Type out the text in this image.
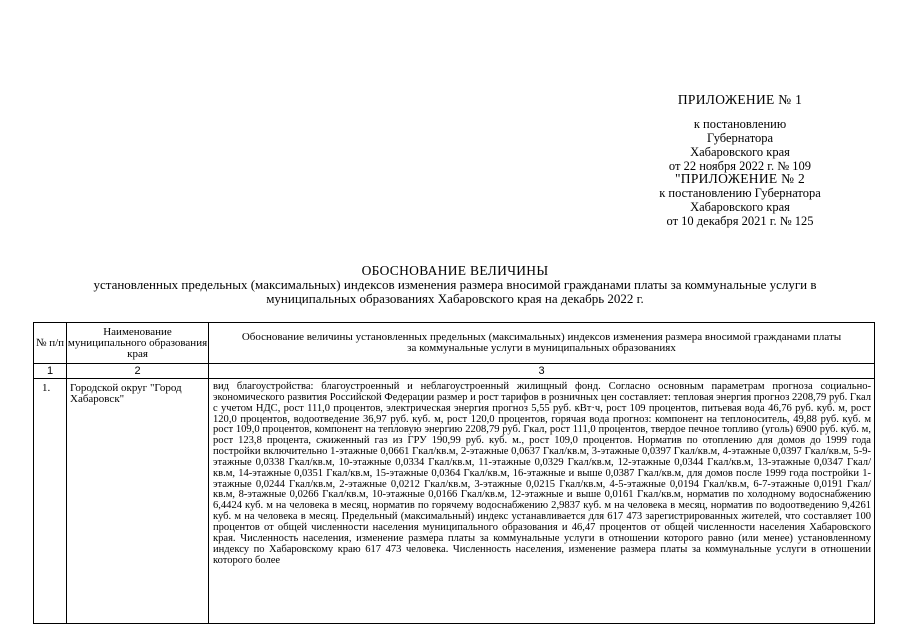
ПРИЛОЖЕНИЕ № 1
к постановлению
Губернатора
Хабаровского края
от 22 ноября 2022 г. № 109
"ПРИЛОЖЕНИЕ № 2
к постановлению Губернатора
Хабаровского края
от 10 декабря 2021 г. № 125
ОБОСНОВАНИЕ ВЕЛИЧИНЫ
установленных предельных (максимальных) индексов изменения размера вносимой гражданами платы за коммунальные услуги в
муниципальных образованиях Хабаровского края на декабрь 2022 г.
№ п/п	Наименование муниципального образования края	Обоснование величины установленных предельных (максимальных) индексов изменения размера вносимой гражданами платы за коммунальные услуги в муниципальных образованиях
1	2	3
1.	Городской округ "Город Хабаровск"	вид благоустройства: благоустроенный и неблагоустроенный жилищный фонд. Согласно основным параметрам прогноза социально-экономического развития Российской Федерации размер и рост тарифов в розничных цен составляет: тепловая энергия прогноз 2208,79 руб. Гкал с учетом НДС, рост 111,0 процентов, электрическая энергия прогноз 5,55 руб. кВт·ч, рост 109 процентов, питьевая вода 46,76 руб. куб. м, рост 120,0 процентов, водоотведение 36,97 руб. куб. м, рост 120,0 процентов, горячая вода прогноз: компонент на теплоноситель, 49,88 руб. куб. м рост 109,0 процентов, компонент на тепловую энергию 2208,79 руб. Гкал, рост 111,0 процентов, твердое печное топливо (уголь) 6900 руб. куб. м, рост 123,8 процента, сжиженный газ из ГРУ 190,99 руб. куб. м., рост 109,0 процентов. Норматив по отоплению для домов до 1999 года постройки включительно 1-этажные 0,0661 Гкал/кв.м, 2-этажные 0,0637 Гкал/кв.м, 3-этажные 0,0397 Гкал/кв.м, 4-этажные 0,0397 Гкал/кв.м, 5-9-этажные 0,0338 Гкал/кв.м, 10-этажные 0,0334 Гкал/кв.м, 11-этажные 0,0329 Гкал/кв.м, 12-этажные 0,0344 Гкал/кв.м, 13-этажные 0,0347 Гкал/кв.м, 14-этажные 0,0351 Гкал/кв.м, 15-этажные 0,0364 Гкал/кв.м, 16-этажные и выше 0,0387 Гкал/кв.м, для домов после 1999 года постройки 1-этажные 0,0244 Гкал/кв.м, 2-этажные 0,0212 Гкал/кв.м, 3-этажные 0,0215 Гкал/кв.м, 4-5-этажные 0,0194 Гкал/кв.м, 6-7-этажные 0,0191 Гкал/кв.м, 8-этажные 0,0266 Гкал/кв.м, 10-этажные 0,0166 Гкал/кв.м, 12-этажные и выше 0,0161 Гкал/кв.м, норматив по холодному водоснабжению 6,4424 куб. м на человека в месяц, норматив по горячему водоснабжению 2,9837 куб. м на человека в месяц, норматив по водоотведению 9,4261 куб. м на человека в месяц. Предельный (максимальный) индекс устанавливается для 617 473 зарегистрированных жителей, что составляет 100 процентов от общей численности населения муниципального образования и 46,47 процентов от общей численности населения Хабаровского края. Численность населения, изменение размера платы за коммунальные услуги в отношении которого равно (или менее) установленному индексу по Хабаровскому краю 617 473 человека. Численность населения, изменение размера платы за коммунальные услуги в отношении которого более
